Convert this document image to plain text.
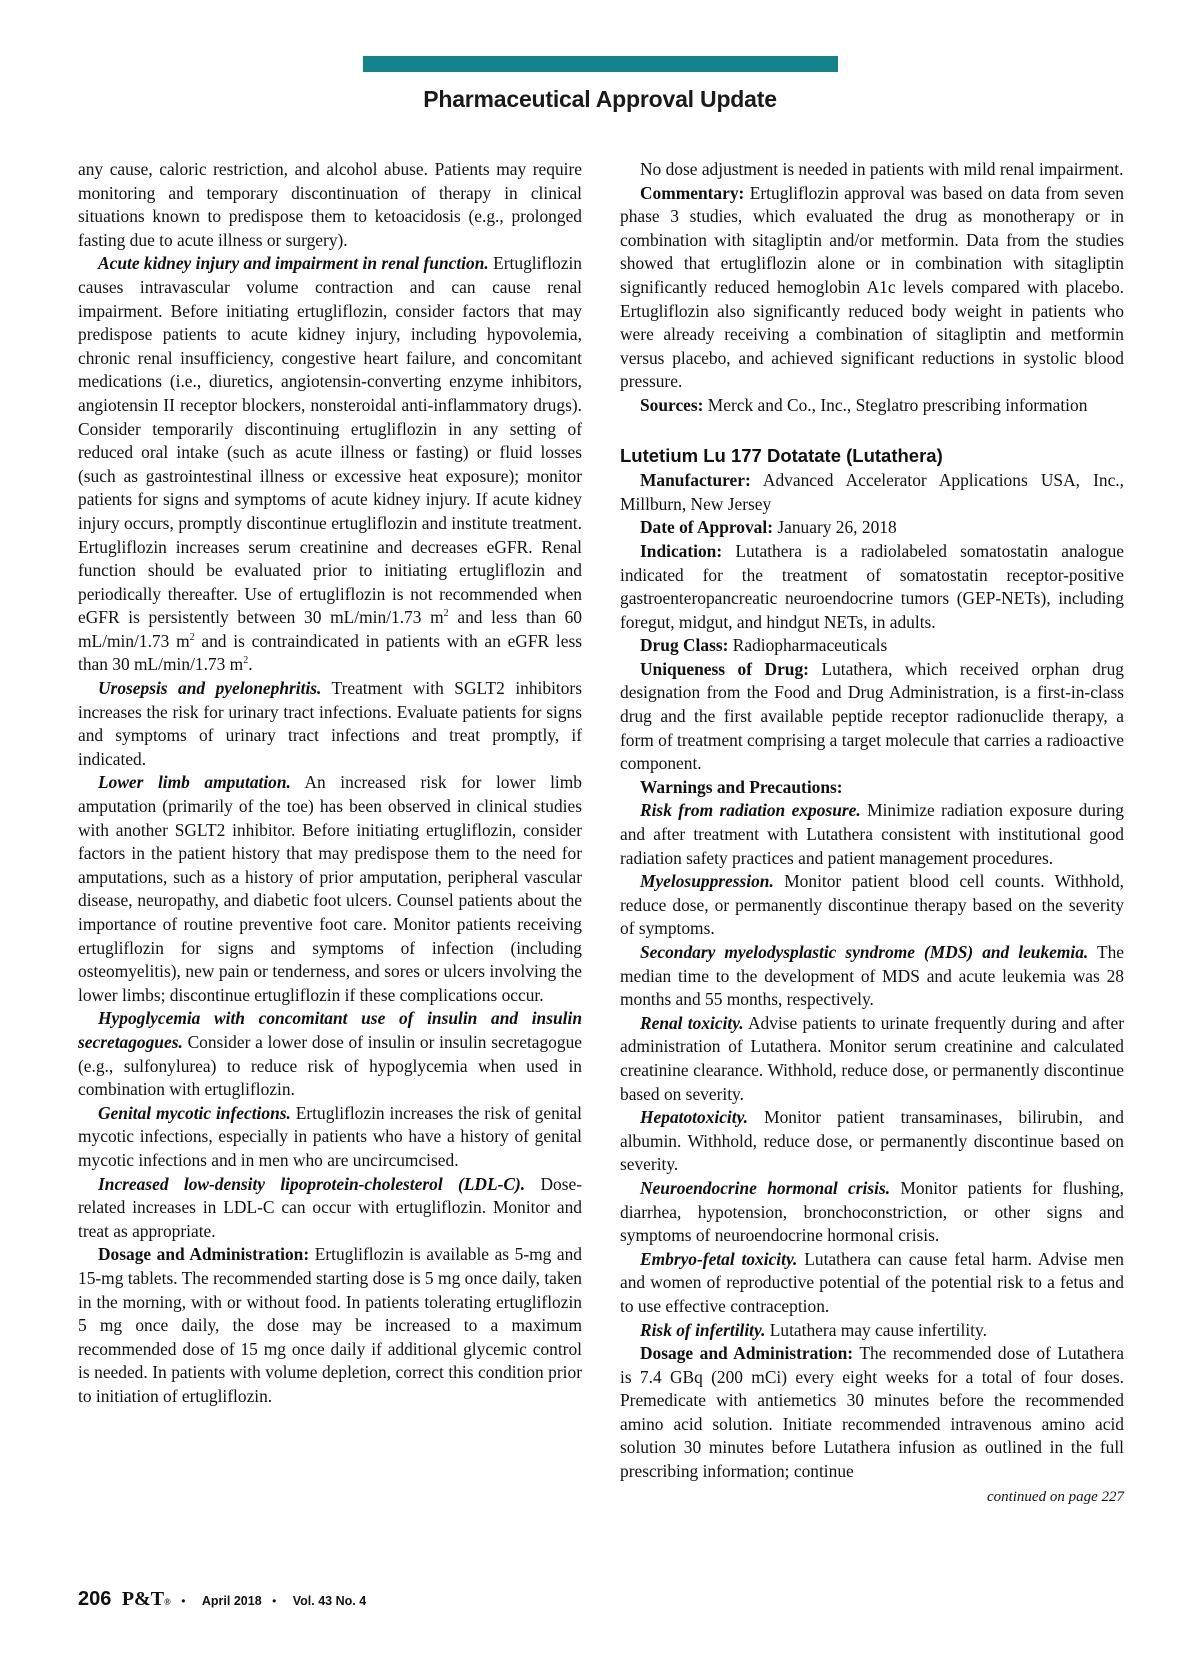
Pharmaceutical Approval Update

any cause, caloric restriction, and alcohol abuse. Patients may require monitoring and temporary discontinuation of therapy in clinical situations known to predispose them to ketoacidosis (e.g., prolonged fasting due to acute illness or surgery).

Acute kidney injury and impairment in renal function. Ertugliflozin causes intravascular volume contraction and can cause renal impairment. Before initiating ertugliflozin, consider factors that may predispose patients to acute kidney injury, including hypovolemia, chronic renal insufficiency, congestive heart failure, and concomitant medications (i.e., diuretics, angiotensin-converting enzyme inhibitors, angiotensin II receptor blockers, nonsteroidal anti-inflammatory drugs). Consider temporarily discontinuing ertugliflozin in any setting of reduced oral intake (such as acute illness or fasting) or fluid losses (such as gastrointestinal illness or excessive heat exposure); monitor patients for signs and symptoms of acute kidney injury. If acute kidney injury occurs, promptly discontinue ertugliflozin and institute treatment. Ertugliflozin increases serum creatinine and decreases eGFR. Renal function should be evaluated prior to initiating ertugliflozin and periodically thereafter. Use of ertugliflozin is not recommended when eGFR is persistently between 30 mL/min/1.73 $m^2$ and less than 60 mL/min/1.73 $m^2$ and is contraindicated in patients with an eGFR less than 30 mL/min/1.73 $m^2$.

Urosepsis and pyelonephritis. Treatment with SGLT2 inhibitors increases the risk for urinary tract infections. Evaluate patients for signs and symptoms of urinary tract infections and treat promptly, if indicated.

Lower limb amputation. An increased risk for lower limb amputation (primarily of the toe) has been observed in clinical studies with another SGLT2 inhibitor. Before initiating ertugliflozin, consider factors in the patient history that may predispose them to the need for amputations, such as a history of prior amputation, peripheral vascular disease, neuropathy, and diabetic foot ulcers. Counsel patients about the importance of routine preventive foot care. Monitor patients receiving ertugliflozin for signs and symptoms of infection (including osteomyelitis), new pain or tenderness, and sores or ulcers involving the lower limbs; discontinue ertugliflozin if these complications occur.

Hypoglycemia with concomitant use of insulin and insulin secretagogues. Consider a lower dose of insulin or insulin secretagogue (e.g., sulfonylurea) to reduce risk of hypoglycemia when used in combination with ertugliflozin.

Genital mycotic infections. Ertugliflozin increases the risk of genital mycotic infections, especially in patients who have a history of genital mycotic infections and in men who are uncircumcised.

Increased low-density lipoprotein-cholesterol (LDL-C). Dose-related increases in LDL-C can occur with ertugliflozin. Monitor and treat as appropriate.

Dosage and Administration: Ertugliflozin is available as 5-mg and 15-mg tablets. The recommended starting dose is 5 mg once daily, taken in the morning, with or without food. In patients tolerating ertugliflozin 5 mg once daily, the dose may be increased to a maximum recommended dose of 15 mg once daily if additional glycemic control is needed. In patients with volume depletion, correct this condition prior to initiation of ertugliflozin.

No dose adjustment is needed in patients with mild renal impairment.

Commentary: Ertugliflozin approval was based on data from seven phase 3 studies, which evaluated the drug as monotherapy or in combination with sitagliptin and/or metformin. Data from the studies showed that ertugliflozin alone or in combination with sitagliptin significantly reduced hemoglobin A1c levels compared with placebo. Ertugliflozin also significantly reduced body weight in patients who were already receiving a combination of sitagliptin and metformin versus placebo, and achieved significant reductions in systolic blood pressure.

Sources: Merck and Co., Inc., Steglatro prescribing information

Lutetium Lu 177 Dotatate (Lutathera)

Manufacturer: Advanced Accelerator Applications USA, Inc., Millburn, New Jersey

Date of Approval: January 26, 2018

Indication: Lutathera is a radiolabeled somatostatin analogue indicated for the treatment of somatostatin receptor-positive gastroenteropancreatic neuroendocrine tumors (GEP-NETs), including foregut, midgut, and hindgut NETs, in adults.

Drug Class: Radiopharmaceuticals

Uniqueness of Drug: Lutathera, which received orphan drug designation from the Food and Drug Administration, is a first-in-class drug and the first available peptide receptor radionuclide therapy, a form of treatment comprising a target molecule that carries a radioactive component.

Warnings and Precautions:

Risk from radiation exposure. Minimize radiation exposure during and after treatment with Lutathera consistent with institutional good radiation safety practices and patient management procedures.

Myelosuppression. Monitor patient blood cell counts. Withhold, reduce dose, or permanently discontinue therapy based on the severity of symptoms.

Secondary myelodysplastic syndrome (MDS) and leukemia. The median time to the development of MDS and acute leukemia was 28 months and 55 months, respectively.

Renal toxicity. Advise patients to urinate frequently during and after administration of Lutathera. Monitor serum creatinine and calculated creatinine clearance. Withhold, reduce dose, or permanently discontinue based on severity.

Hepatotoxicity. Monitor patient transaminases, bilirubin, and albumin. Withhold, reduce dose, or permanently discontinue based on severity.

Neuroendocrine hormonal crisis. Monitor patients for flushing, diarrhea, hypotension, bronchoconstriction, or other signs and symptoms of neuroendocrine hormonal crisis.

Embryo-fetal toxicity. Lutathera can cause fetal harm. Advise men and women of reproductive potential of the potential risk to a fetus and to use effective contraception.

Risk of infertility. Lutathera may cause infertility.

Dosage and Administration: The recommended dose of Lutathera is 7.4 GBq (200 mCi) every eight weeks for a total of four doses. Premedicate with antiemetics 30 minutes before the recommended amino acid solution. Initiate recommended intravenous amino acid solution 30 minutes before Lutathera infusion as outlined in the full prescribing information; continue

continued on page 227
206 P&T® • April 2018 • Vol. 43 No. 4
